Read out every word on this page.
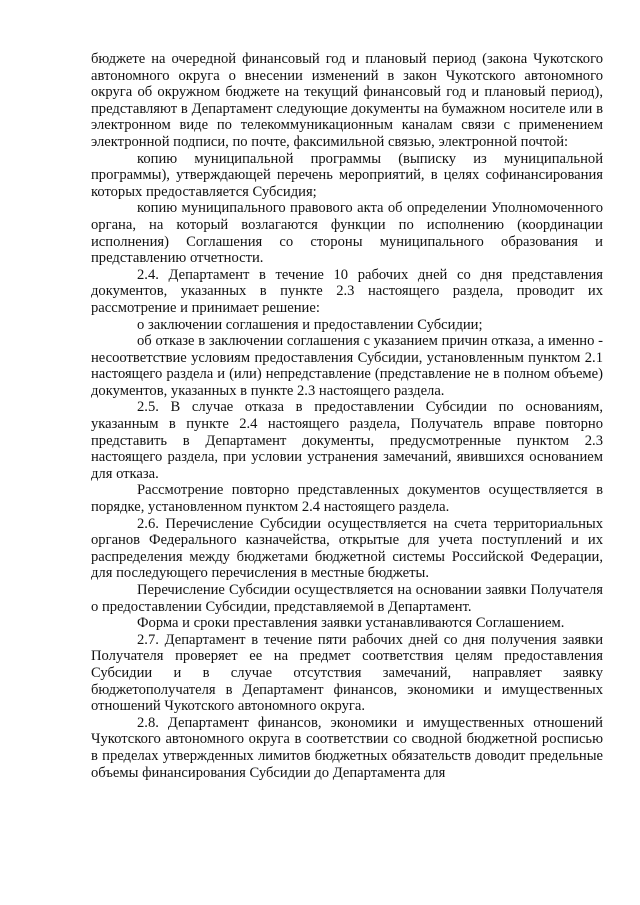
бюджете на очередной финансовый год и плановый период (закона Чукотского автономного округа о внесении изменений в закон Чукотского автономного округа об окружном бюджете на текущий финансовый год и плановый период), представляют в Департамент следующие документы на бумажном носителе или в электронном виде по телекоммуникационным каналам связи с применением электронной подписи, по почте, факсимильной связью, электронной почтой:

копию муниципальной программы (выписку из муниципальной программы), утверждающей перечень мероприятий, в целях софинансирования которых предоставляется Субсидия;

копию муниципального правового акта об определении Уполномоченного органа, на который возлагаются функции по исполнению (координации исполнения) Соглашения со стороны муниципального образования и представлению отчетности.

2.4. Департамент в течение 10 рабочих дней со дня представления документов, указанных в пункте 2.3 настоящего раздела, проводит их рассмотрение и принимает решение:

о заключении соглашения и предоставлении Субсидии;

об отказе в заключении соглашения с указанием причин отказа, а именно - несоответствие условиям предоставления Субсидии, установленным пунктом 2.1 настоящего раздела и (или) непредставление (представление не в полном объеме) документов, указанных в пункте 2.3 настоящего раздела.

2.5. В случае отказа в предоставлении Субсидии по основаниям, указанным в пункте 2.4 настоящего раздела, Получатель вправе повторно представить в Департамент документы, предусмотренные пунктом 2.3 настоящего раздела, при условии устранения замечаний, явившихся основанием для отказа.

Рассмотрение повторно представленных документов осуществляется в порядке, установленном пунктом 2.4 настоящего раздела.

2.6. Перечисление Субсидии осуществляется на счета территориальных органов Федерального казначейства, открытые для учета поступлений и их распределения между бюджетами бюджетной системы Российской Федерации, для последующего перечисления в местные бюджеты.

Перечисление Субсидии осуществляется на основании заявки Получателя о предоставлении Субсидии, представляемой в Департамент.

Форма и сроки преставления заявки устанавливаются Соглашением.

2.7. Департамент в течение пяти рабочих дней со дня получения заявки Получателя проверяет ее на предмет соответствия целям предоставления Субсидии и в случае отсутствия замечаний, направляет заявку бюджетополучателя в Департамент финансов, экономики и имущественных отношений Чукотского автономного округа.

2.8. Департамент финансов, экономики и имущественных отношений Чукотского автономного округа в соответствии со сводной бюджетной росписью в пределах утвержденных лимитов бюджетных обязательств доводит предельные объемы финансирования Субсидии до Департамента для
